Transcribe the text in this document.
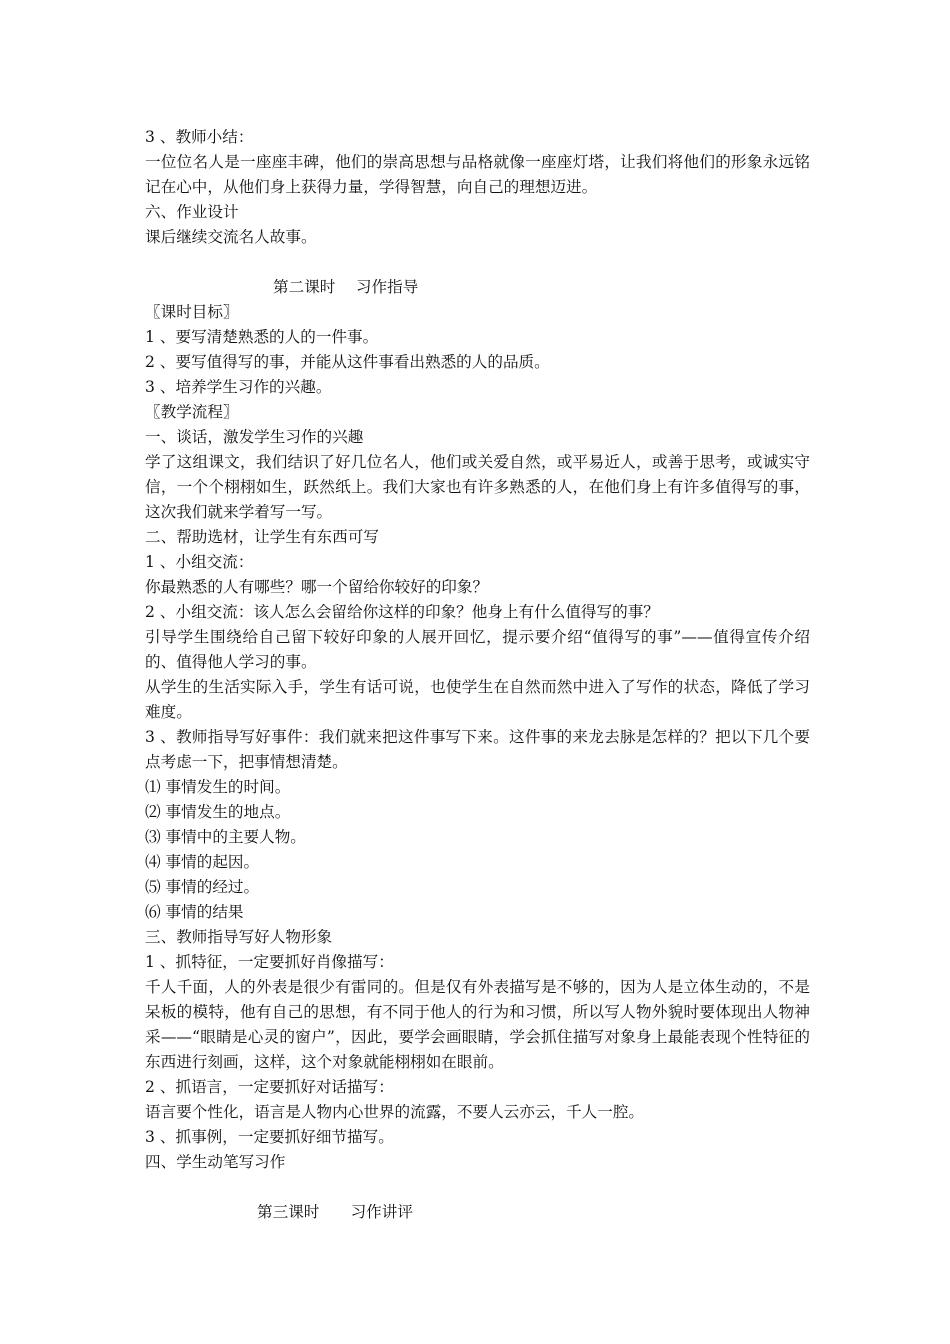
3 、教师小结：
一位位名人是一座座丰碑，他们的崇高思想与品格就像一座座灯塔，让我们将他们的形象永远铭记在心中，从他们身上获得力量，学得智慧，向自己的理想迈进。
六、作业设计
课后继续交流名人故事。
第二课时　 习作指导
〖课时目标〗
1 、要写清楚熟悉的人的一件事。
2 、要写值得写的事，并能从这件事看出熟悉的人的品质。
3 、培养学生习作的兴趣。
〖教学流程〗
一、谈话，激发学生习作的兴趣
学了这组课文，我们结识了好几位名人，他们或关爱自然，或平易近人，或善于思考，或诚实守信，一个个栩栩如生，跃然纸上。我们大家也有许多熟悉的人，在他们身上有许多值得写的事，这次我们就来学着写一写。
二、帮助选材，让学生有东西可写
1 、小组交流：
你最熟悉的人有哪些？哪一个留给你较好的印象？
2 、小组交流：该人怎么会留给你这样的印象？他身上有什么值得写的事？
引导学生围绕给自己留下较好印象的人展开回忆，提示要介绍“值得写的事”——值得宣传介绍的、值得他人学习的事。
从学生的生活实际入手，学生有话可说，也使学生在自然而然中进入了写作的状态，降低了学习难度。
3 、教师指导写好事件：我们就来把这件事写下来。这件事的来龙去脉是怎样的？把以下几个要点考虑一下，把事情想清楚。
⑴ 事情发生的时间。
⑵ 事情发生的地点。
⑶ 事情中的主要人物。
⑷ 事情的起因。
⑸ 事情的经过。
⑹ 事情的结果
三、教师指导写好人物形象
1 、抓特征，一定要抓好肖像描写：
千人千面，人的外表是很少有雷同的。但是仅有外表描写是不够的，因为人是立体生动的，不是呆板的模特，他有自己的思想，有不同于他人的行为和习惯，所以写人物外貌时要体现出人物神采——“眼睛是心灵的窗户”，因此，要学会画眼睛，学会抓住描写对象身上最能表现个性特征的东西进行刻画，这样，这个对象就能栩栩如在眼前。
2 、抓语言，一定要抓好对话描写：
语言要个性化，语言是人物内心世界的流露，不要人云亦云，千人一腔。
3 、抓事例，一定要抓好细节描写。
四、学生动笔写习作
第三课时　　习作讲评
